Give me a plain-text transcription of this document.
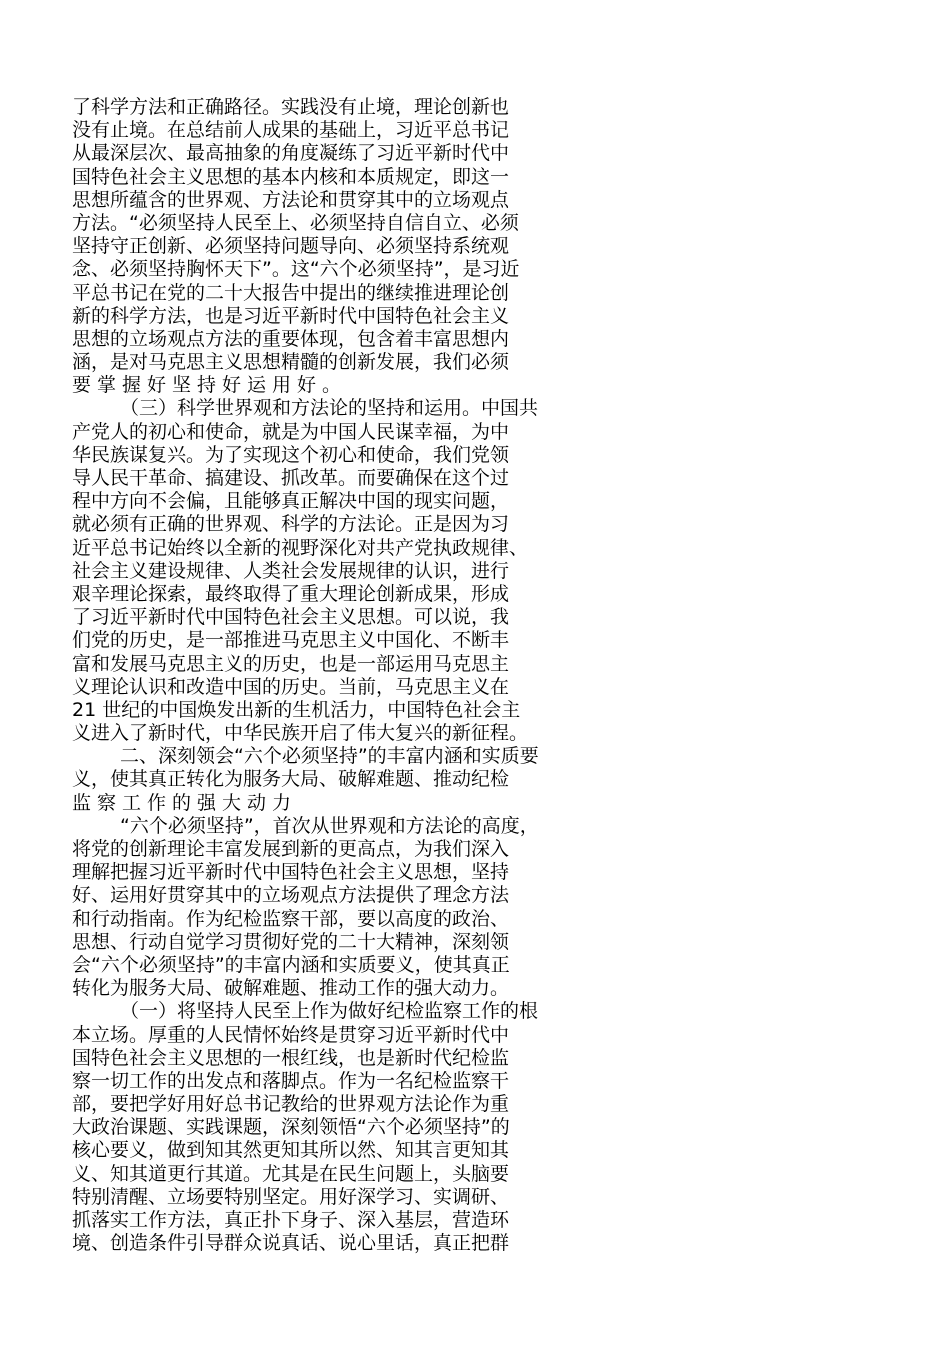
了科学方法和正确路径。实践没有止境，理论创新也
没有止境。在总结前人成果的基础上，习近平总书记
从最深层次、最高抽象的角度凝练了习近平新时代中
国特色社会主义思想的基本内核和本质规定，即这一
思想所蕴含的世界观、方法论和贯穿其中的立场观点
方法。“必须坚持人民至上、必须坚持自信自立、必须
坚持守正创新、必须坚持问题导向、必须坚持系统观
念、必须坚持胸怀天下”。这“六个必须坚持”，是习近
平总书记在党的二十大报告中提出的继续推进理论创
新的科学方法，也是习近平新时代中国特色社会主义
思想的立场观点方法的重要体现，包含着丰富思想内
涵，是对马克思主义思想精髓的创新发展，我们必须
要掌握好坚持好运用好。
（三）科学世界观和方法论的坚持和运用。中国共
产党人的初心和使命，就是为中国人民谋幸福，为中
华民族谋复兴。为了实现这个初心和使命，我们党领
导人民干革命、搞建设、抓改革。而要确保在这个过
程中方向不会偏，且能够真正解决中国的现实问题，
就必须有正确的世界观、科学的方法论。正是因为习
近平总书记始终以全新的视野深化对共产党执政规律、
社会主义建设规律、人类社会发展规律的认识，进行
艰辛理论探索，最终取得了重大理论创新成果，形成
了习近平新时代中国特色社会主义思想。可以说，我
们党的历史，是一部推进马克思主义中国化、不断丰
富和发展马克思主义的历史，也是一部运用马克思主
义理论认识和改造中国的历史。当前，马克思主义在
21 世纪的中国焕发出新的生机活力，中国特色社会主
义进入了新时代，中华民族开启了伟大复兴的新征程。
二、深刻领会“六个必须坚持”的丰富内涵和实质要
义，使其真正转化为服务大局、破解难题、推动纪检
监察工作的强大动力
“六个必须坚持”，首次从世界观和方法论的高度，
将党的创新理论丰富发展到新的更高点，为我们深入
理解把握习近平新时代中国特色社会主义思想，坚持
好、运用好贯穿其中的立场观点方法提供了理念方法
和行动指南。作为纪检监察干部，要以高度的政治、
思想、行动自觉学习贯彻好党的二十大精神，深刻领
会“六个必须坚持”的丰富内涵和实质要义，使其真正
转化为服务大局、破解难题、推动工作的强大动力。
（一）将坚持人民至上作为做好纪检监察工作的根
本立场。厚重的人民情怀始终是贯穿习近平新时代中
国特色社会主义思想的一根红线，也是新时代纪检监
察一切工作的出发点和落脚点。作为一名纪检监察干
部，要把学好用好总书记教给的世界观方法论作为重
大政治课题、实践课题，深刻领悟“六个必须坚持”的
核心要义，做到知其然更知其所以然、知其言更知其
义、知其道更行其道。尤其是在民生问题上，头脑要
特别清醒、立场要特别坚定。用好深学习、实调研、
抓落实工作方法，真正扑下身子、深入基层，营造环
境、创造条件引导群众说真话、说心里话，真正把群
